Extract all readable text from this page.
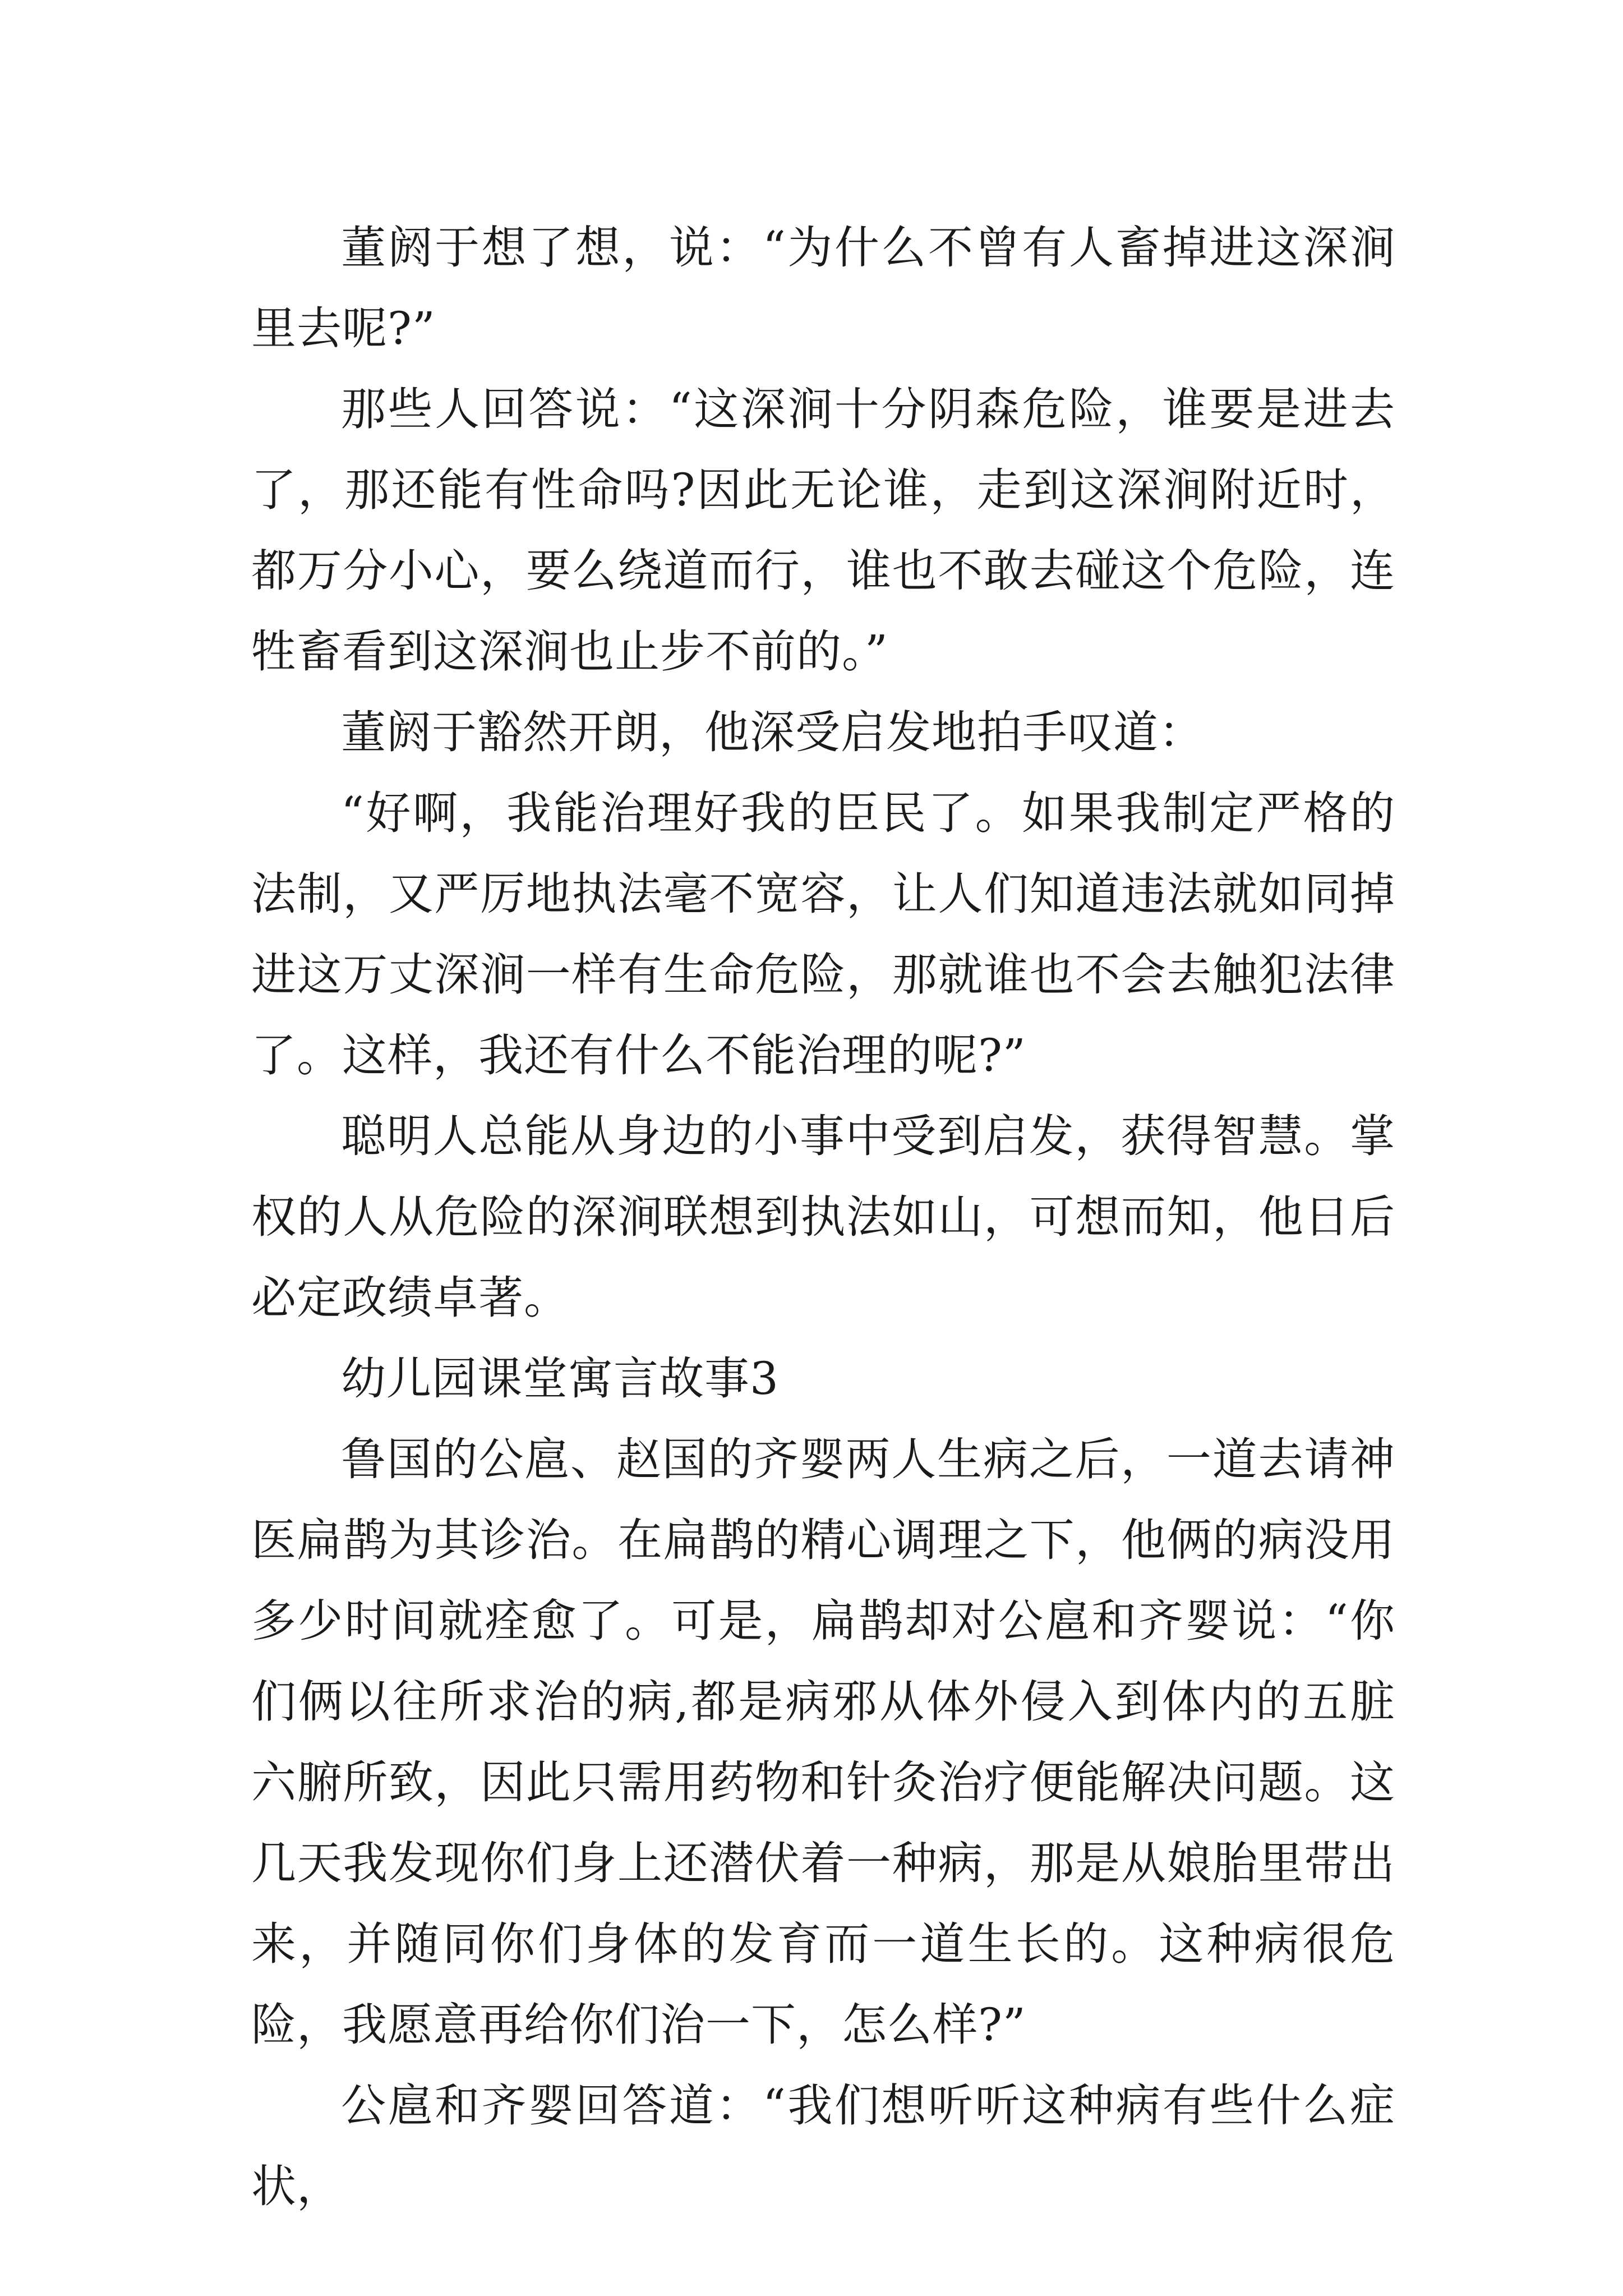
董阏于想了想，说：“为什么不曾有人畜掉进这深涧里去呢?”

那些人回答说：“这深涧十分阴森危险，谁要是进去了，那还能有性命吗?因此无论谁，走到这深涧附近时，都万分小心，要么绕道而行，谁也不敢去碰这个危险，连牲畜看到这深涧也止步不前的。”

董阏于豁然开朗，他深受启发地拍手叹道：

“好啊，我能治理好我的臣民了。如果我制定严格的法制，又严厉地执法毫不宽容，让人们知道违法就如同掉进这万丈深涧一样有生命危险，那就谁也不会去触犯法律了。这样，我还有什么不能治理的呢?”

聪明人总能从身边的小事中受到启发，获得智慧。掌权的人从危险的深涧联想到执法如山，可想而知，他日后必定政绩卓著。

幼儿园课堂寓言故事3

鲁国的公扈、赵国的齐婴两人生病之后，一道去请神医扁鹊为其诊治。在扁鹊的精心调理之下，他俩的病没用多少时间就痊愈了。可是，扁鹊却对公扈和齐婴说：“你们俩以往所求治的病,都是病邪从体外侵入到体内的五脏六腑所致，因此只需用药物和针灸治疗便能解决问题。这几天我发现你们身上还潜伏着一种病，那是从娘胎里带出来，并随同你们身体的发育而一道生长的。这种病很危险，我愿意再给你们治一下，怎么样?”

公扈和齐婴回答道：“我们想听听这种病有些什么症状，
